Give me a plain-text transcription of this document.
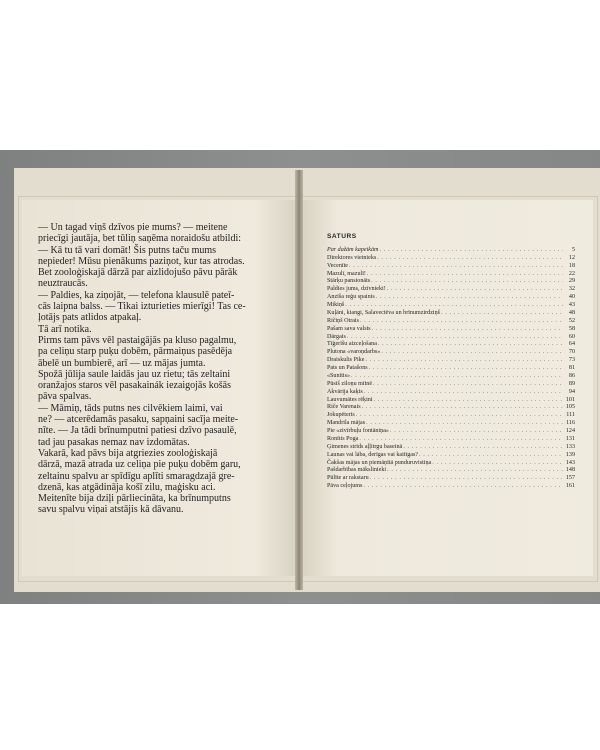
— Un tagad viņš dzīvos pie mums? — meitene

priecīgi jautāja, bet tūliņ saņēma noraidošu atbildi:

— Kā tu tā vari domāt! Šis putns taču mums

nepieder! Mūsu pienākums paziņot, kur tas atrodas.

Bet zooloģiskajā dārzā par aizlidojušo pāvu pārāk

neuztraucās.

— Paldies, ka ziņojāt, — telefona klausulē pateī-

cās laipna balss. — Tikai izturieties mierīgi! Tas ce-

ļotājs pats atlidos atpakaļ.

Tā arī notika.

Pirms tam pāvs vēl pastaigājās pa kluso pagalmu,

pa celiņu starp puķu dobēm, pārmaiņus pasēdēja

ābelē un bumbierē, arī — uz mājas jumta.

Spožā jūlija saule laidās jau uz rietu; tās zeltaini

oranžajos staros vēl pasakainák iezaigojās košās

pāva spalvas.

— Māmiņ, tāds putns nes cilvēkiem laimi, vai

ne? — atcerēdamās pasaku, sapņaini sacīja meite-

nīte. — Ja tādi brīnumputni patiesi dzīvo pasaulē,

tad jau pasakas nemaz nav izdomātas.

Vakarā, kad pāvs bija atgriezies zooloģiskajā

dārzā, mazā atrada uz celiņa pie puķu dobēm garu,

zeltainu spalvu ar spīdīgu aplīti smaragdzajā gre-

dzenā, kas atgādināja košī zilu, maģisku aci.

Meitenīte bija dziļi pārliecināta, ka brīnumputns

savu spalvu viņai atstājis kā dāvanu.

SATURS
Par dažām kapeikām . . .	5
Direktores vietnieks . . .	12
Vecenīte . . .	18
Mazulī, mazulī! . . .	22
Stārķu pansionāts . . .	29
Paldies jums, dzīvnieki! . . .	32
Anzīša reģu spainis . . .	40
Mikiņš . . .	43
Kuļāni, kiangi, Salavectēva un brīnumzirdziņš . . .	48
Ričiņš Otrais . . .	52
Pašam sava valsts . . .	58
Dārgais . . .	60
Tīģerīšu aizceļošana . . .	64
Plutona «varoņdarbs» . . .	70
Draiskulis Pike . . .	73
Pats un Patašons . . .	81
«Sunītis» . . .	86
Pūsīš ziloņu mītnē . . .	89
Akvārija kaķis . . .	94
Lauvumātes rēķini . . .	101
Riče Varenais . . .	105
Jokupēteris . . .	111
Mandrila mājas . . .	116
Pie «zivīrbuļu fontāniņa» . . .	124
Ronītis Poga . . .	131
Ģimenes strīds aļļitrgu baseinā . . .	133
Launas vai lāba, derīgas vai kaitīgas? . . .	139
Čakšas mājas un piemāņītā punduruvistiņa . . .	143
Pašdarbības mākslinieki . . .	148
Pūlīte ar rakstaru . . .	157
Pāva ceļojums . . .	161
